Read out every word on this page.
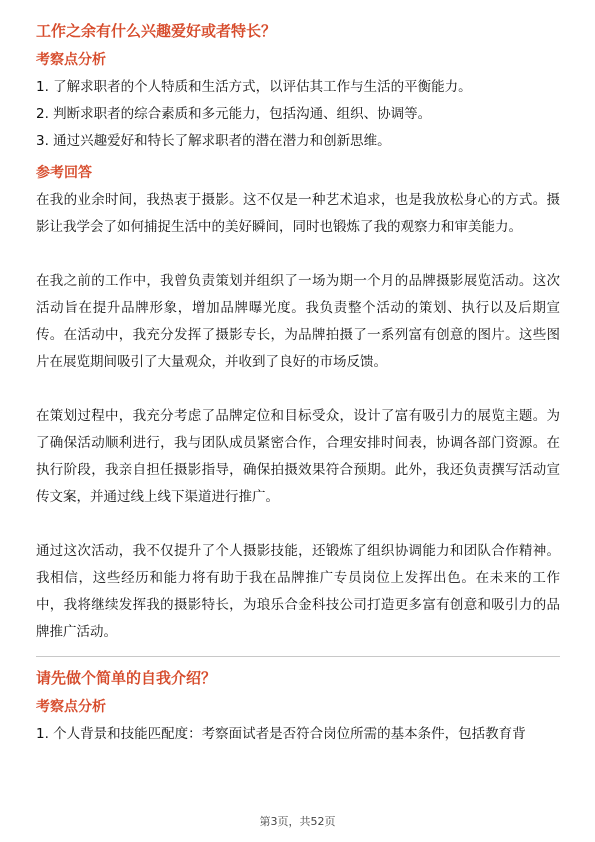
工作之余有什么兴趣爱好或者特长？
考察点分析
1. 了解求职者的个人特质和生活方式，以评估其工作与生活的平衡能力。
2. 判断求职者的综合素质和多元能力，包括沟通、组织、协调等。
3. 通过兴趣爱好和特长了解求职者的潜在潜力和创新思维。
参考回答

在我的业余时间，我热衷于摄影。这不仅是一种艺术追求，也是我放松身心的方式。摄影让我学会了如何捕捉生活中的美好瞬间，同时也锻炼了我的观察力和审美能力。

在我之前的工作中，我曾负责策划并组织了一场为期一个月的品牌摄影展览活动。这次活动旨在提升品牌形象，增加品牌曝光度。我负责整个活动的策划、执行以及后期宣传。在活动中，我充分发挥了摄影专长，为品牌拍摄了一系列富有创意的图片。这些图片在展览期间吸引了大量观众，并收到了良好的市场反馈。

在策划过程中，我充分考虑了品牌定位和目标受众，设计了富有吸引力的展览主题。为了确保活动顺利进行，我与团队成员紧密合作，合理安排时间表，协调各部门资源。在执行阶段，我亲自担任摄影指导，确保拍摄效果符合预期。此外，我还负责撰写活动宣传文案，并通过线上线下渠道进行推广。

通过这次活动，我不仅提升了个人摄影技能，还锻炼了组织协调能力和团队合作精神。我相信，这些经历和能力将有助于我在品牌推广专员岗位上发挥出色。在未来的工作中，我将继续发挥我的摄影特长，为琅乐合金科技公司打造更多富有创意和吸引力的品牌推广活动。

请先做个简单的自我介绍？
考察点分析
1. 个人背景和技能匹配度：考察面试者是否符合岗位所需的基本条件，包括教育背
第3页，共52页
